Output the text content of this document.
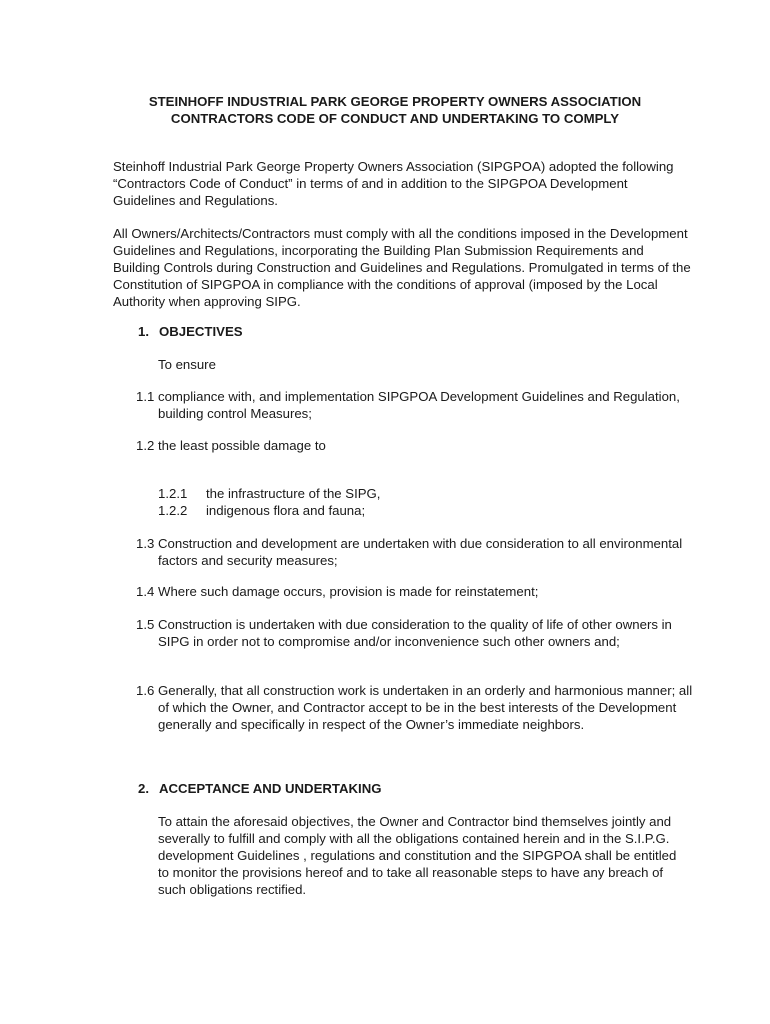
STEINHOFF INDUSTRIAL PARK GEORGE PROPERTY OWNERS ASSOCIATION
CONTRACTORS CODE OF CONDUCT AND UNDERTAKING TO COMPLY
Steinhoff Industrial Park George Property Owners Association (SIPGPOA) adopted the following “Contractors Code of Conduct” in terms of and in addition to the SIPGPOA Development Guidelines and Regulations.
All Owners/Architects/Contractors must comply with all the conditions imposed in the Development Guidelines and Regulations, incorporating the Building Plan Submission Requirements and Building Controls during Construction and Guidelines and Regulations. Promulgated in terms of the Constitution of SIPGPOA in compliance with the conditions of approval (imposed by the Local Authority when approving SIPG.
1. OBJECTIVES
To ensure
1.1 compliance with, and implementation SIPGPOA Development Guidelines and Regulation, building control Measures;
1.2 the least possible damage to
1.2.1 the infrastructure of the SIPG,
1.2.2 indigenous flora and fauna;
1.3 Construction and development are undertaken with due consideration to all environmental factors and security measures;
1.4 Where such damage occurs, provision is made for reinstatement;
1.5 Construction is undertaken with due consideration to the quality of life of other owners in SIPG in order not to compromise and/or inconvenience such other owners and;
1.6 Generally, that all construction work is undertaken in an orderly and harmonious manner; all of which the Owner, and Contractor accept to be in the best interests of the Development generally and specifically in respect of the Owner’s immediate neighbors.
2. ACCEPTANCE AND UNDERTAKING
To attain the aforesaid objectives, the Owner and Contractor bind themselves jointly and severally to fulfill and comply with all the obligations contained herein and in the S.I.P.G. development Guidelines , regulations and constitution and the SIPGPOA shall be entitled to monitor the provisions hereof and to take all reasonable steps to have any breach of such obligations rectified.
